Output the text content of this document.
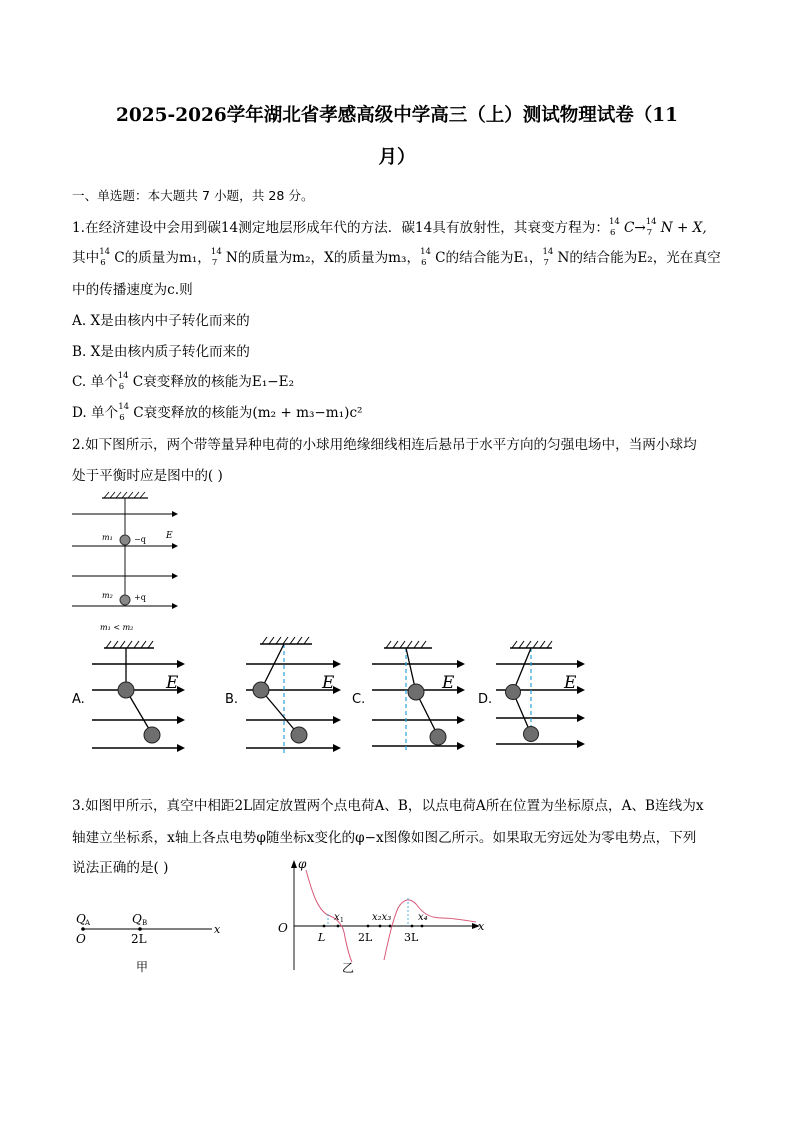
2025-2026学年湖北省孝感高级中学高三（上）测试物理试卷（11
月）
一、单选题：本大题共 7 小题，共 28 分。
1.在经济建设中会用到碳14测定地层形成年代的方法．碳14具有放射性，其衰变方程为： 14
6 C→ 14
7 N + X,
其中 14
6 C的质量为m₁， 14
7 N的质量为m₂，X的质量为m₃， 14
6 C的结合能为E₁， 14
7 N的结合能为E₂，光在真空
中的传播速度为c.则
A. X是由核内中子转化而来的
B. X是由核内质子转化而来的
C. 单个 14
6 C衰变释放的核能为E₁−E₂
D. 单个 14
6 C衰变释放的核能为(m₂ + m₃−m₁)c²
2.如下图所示，两个带等量异种电荷的小球用绝缘细线相连后悬吊于水平方向的匀强电场中，当两小球均
处于平衡时应是图中的( )
m₁	−q E
m₂	+q
m₁ < m₂
A.
E
B.
E
C.
E
D.
E
3.如图甲所示，真空中相距2L固定放置两个点电荷A、B，以点电荷A所在位置为坐标原点，A、B连线为x
轴建立坐标系，x轴上各点电势φ随坐标x变化的φ−x图像如图乙所示。如果取无穷远处为零电势点，下列
说法正确的是( )
Q A	Q B
O	2L
x
甲
φ
O
L	2L	3L
x 1	x₂x₃	x₄
x
乙
